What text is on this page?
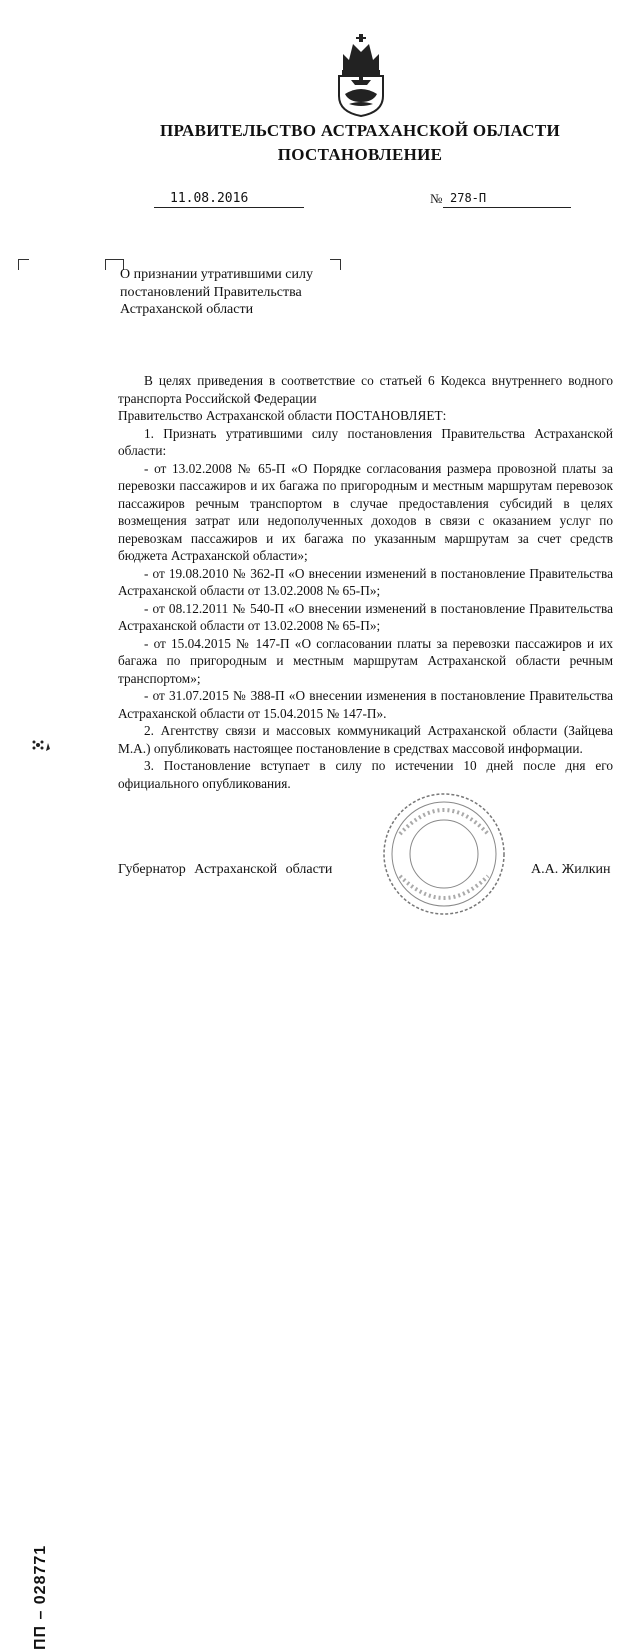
ПРАВИТЕЛЬСТВО АСТРАХАНСКОЙ ОБЛАСТИ
ПОСТАНОВЛЕНИЕ
11.08.2016	№ 278-П
О признании утратившими силу постановлений Правительства Астраханской области

В целях приведения в соответствие со статьей 6 Кодекса внутреннего водного транспорта Российской Федерации

Правительство Астраханской области ПОСТАНОВЛЯЕТ:

1. Признать утратившими силу постановления Правительства Астраханской области:

- от 13.02.2008 № 65-П «О Порядке согласования размера провозной платы за перевозки пассажиров и их багажа по пригородным и местным маршрутам перевозок пассажиров речным транспортом в случае предоставления субсидий в целях возмещения затрат или недополученных доходов в связи с оказанием услуг по перевозкам пассажиров и их багажа по указанным маршрутам за счет средств бюджета Астраханской области»;

- от 19.08.2010 № 362-П «О внесении изменений в постановление Правительства Астраханской области от 13.02.2008 № 65-П»;

- от 08.12.2011 № 540-П «О внесении изменений в постановление Правительства Астраханской области от 13.02.2008 № 65-П»;

- от 15.04.2015 № 147-П «О согласовании платы за перевозки пассажиров и их багажа по пригородным и местным маршрутам Астраханской области речным транспортом»;

- от 31.07.2015 № 388-П «О внесении изменения в постановление Правительства Астраханской области от 15.04.2015 № 147-П».

2. Агентству связи и массовых коммуникаций Астраханской области (Зайцева М.А.) опубликовать настоящее постановление в средствах массовой информации.

3. Постановление вступает в силу по истечении 10 дней после дня его официального опубликования.

Губернатор Астраханской области	А.А. Жилкин
ПП – 028771
